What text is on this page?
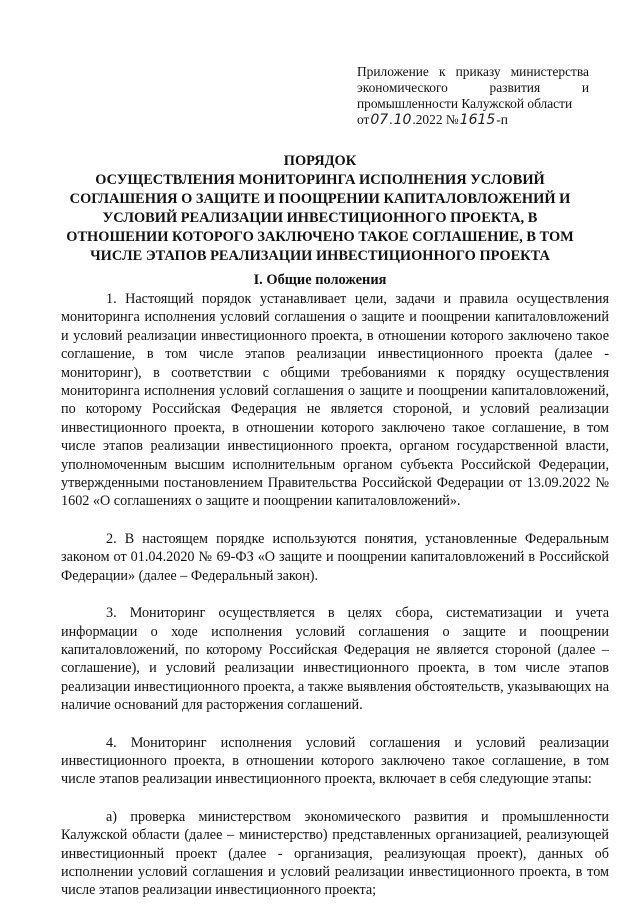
Приложение к приказу министерства экономического развития и промышленности Калужской области

от07.10.2022 №1615-п

ПОРЯДОК

ОСУЩЕСТВЛЕНИЯ МОНИТОРИНГА ИСПОЛНЕНИЯ УСЛОВИЙ

СОГЛАШЕНИЯ О ЗАЩИТЕ И ПООЩРЕНИИ КАПИТАЛОВЛОЖЕНИЙ И

УСЛОВИЙ РЕАЛИЗАЦИИ ИНВЕСТИЦИОННОГО ПРОЕКТА, В

ОТНОШЕНИИ КОТОРОГО ЗАКЛЮЧЕНО ТАКОЕ СОГЛАШЕНИЕ, В ТОМ

ЧИСЛЕ ЭТАПОВ РЕАЛИЗАЦИИ ИНВЕСТИЦИОННОГО ПРОЕКТА

I. Общие положения

1. Настоящий порядок устанавливает цели, задачи и правила осуществления мониторинга исполнения условий соглашения о защите и поощрении капиталовложений и условий реализации инвестиционного проекта, в отношении которого заключено такое соглашение, в том числе этапов реализации инвестиционного проекта (далее - мониторинг), в соответствии с общими требованиями к порядку осуществления мониторинга исполнения условий соглашения о защите и поощрении капиталовложений, по которому Российская Федерация не является стороной, и условий реализации инвестиционного проекта, в отношении которого заключено такое соглашение, в том числе этапов реализации инвестиционного проекта, органом государственной власти, уполномоченным высшим исполнительным органом субъекта Российской Федерации, утвержденными постановлением Правительства Российской Федерации от 13.09.2022 № 1602 «О соглашениях о защите и поощрении капиталовложений».

2. В настоящем порядке используются понятия, установленные Федеральным законом от 01.04.2020 № 69-ФЗ «О защите и поощрении капиталовложений в Российской Федерации» (далее – Федеральный закон).

3. Мониторинг осуществляется в целях сбора, систематизации и учета информации о ходе исполнения условий соглашения о защите и поощрении капиталовложений, по которому Российская Федерация не является стороной (далее – соглашение), и условий реализации инвестиционного проекта, в том числе этапов реализации инвестиционного проекта, а также выявления обстоятельств, указывающих на наличие оснований для расторжения соглашений.

4. Мониторинг исполнения условий соглашения и условий реализации инвестиционного проекта, в отношении которого заключено такое соглашение, в том числе этапов реализации инвестиционного проекта, включает в себя следующие этапы:

а) проверка министерством экономического развития и промышленности Калужской области (далее – министерство) представленных организацией, реализующей инвестиционный проект (далее - организация, реализующая проект), данных об исполнении условий соглашения и условий реализации инвестиционного проекта, в том числе этапов реализации инвестиционного проекта;
